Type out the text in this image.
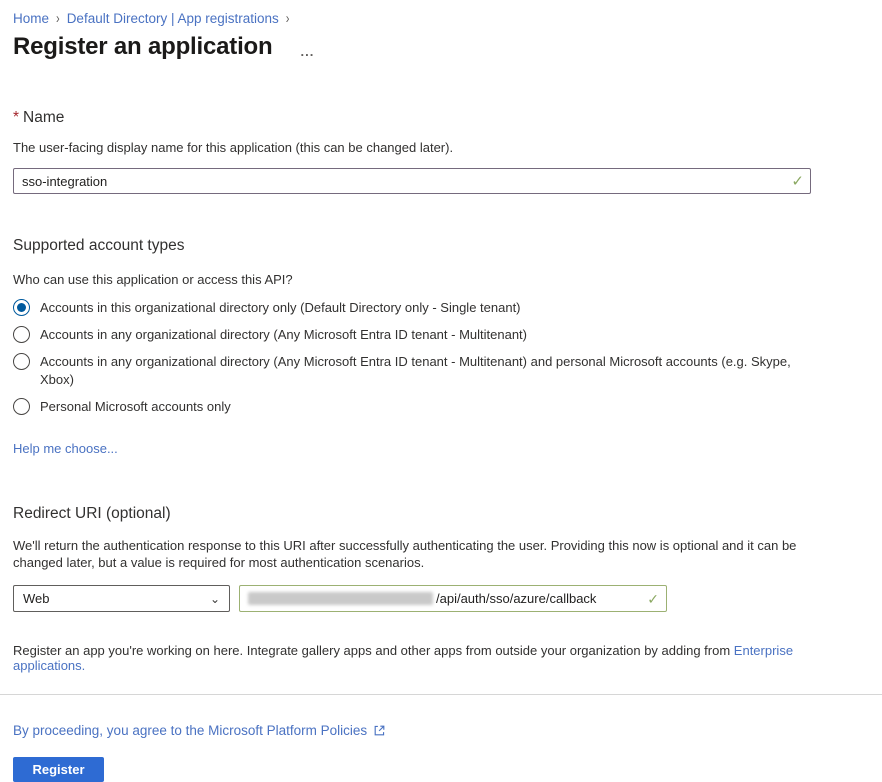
Home › Default Directory | App registrations ›
Register an application ...
* Name
The user-facing display name for this application (this can be changed later).
sso-integration
✓
Supported account types
Who can use this application or access this API?
Accounts in this organizational directory only (Default Directory only - Single tenant)
Accounts in any organizational directory (Any Microsoft Entra ID tenant - Multitenant)
Accounts in any organizational directory (Any Microsoft Entra ID tenant - Multitenant) and personal Microsoft accounts (e.g. Skype, Xbox)
Personal Microsoft accounts only
Help me choose...
Redirect URI (optional)
We'll return the authentication response to this URI after successfully authenticating the user. Providing this now is optional and it can be changed later, but a value is required for most authentication scenarios.
Web	⌄	/api/auth/sso/azure/callback	✓
Register an app you're working on here. Integrate gallery apps and other apps from outside your organization by adding from Enterprise applications.
By proceeding, you agree to the Microsoft Platform Policies
Register
